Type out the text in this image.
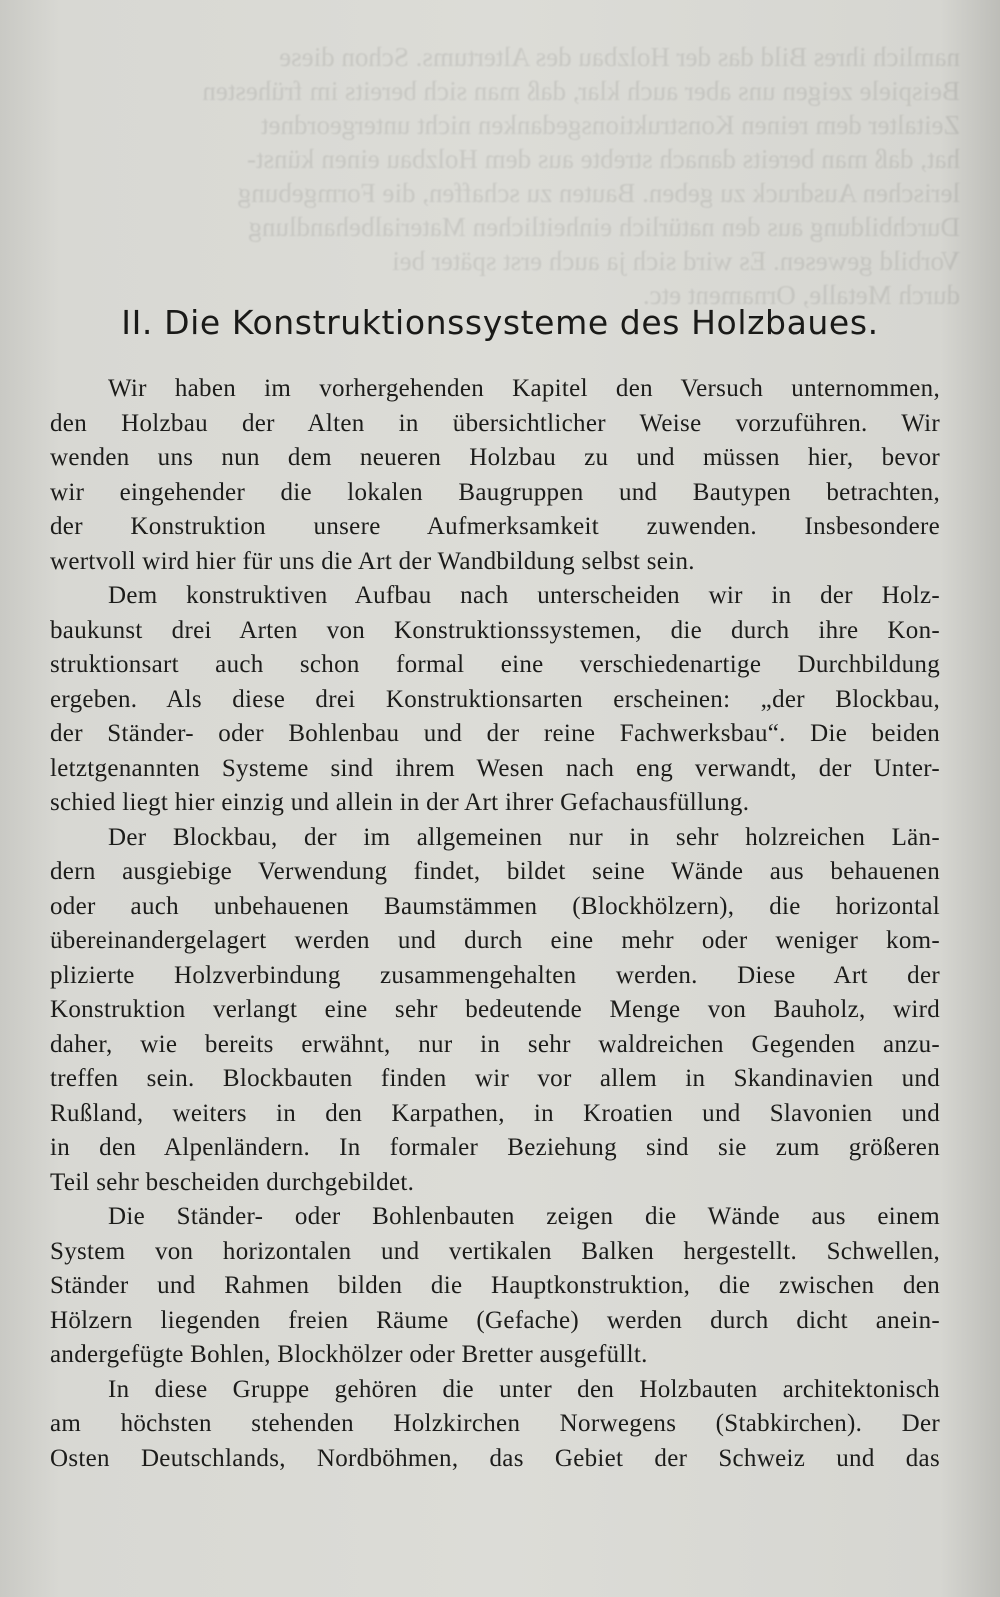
namlich ihres Bild das der Holzbau des Altertums. Schon diese

Beispiele zeigen uns aber auch klar, daß man sich bereits im frühesten

Zeitalter dem reinen Konstruktionsgedanken nicht untergeordnet

hat, daß man bereits danach strebte aus dem Holzbau einen künst-

lerischen Ausdruck zu geben. Bauten zu schaffen, die Formgebung

Durchbildung aus den natürlich einheitlichen Materialbehandlung

Vorbild gewesen. Es wird sich ja auch erst später bei

durch Metalle, Ornament etc.

II. Die Konstruktionssysteme des Holzbaues.
Wir haben im vorhergehenden Kapitel den Versuch unternommen,
den Holzbau der Alten in übersichtlicher Weise vorzuführen. Wir
wenden uns nun dem neueren Holzbau zu und müssen hier, bevor
wir eingehender die lokalen Baugruppen und Bautypen betrachten,
der Konstruktion unsere Aufmerksamkeit zuwenden. Insbesondere
wertvoll wird hier für uns die Art der Wandbildung selbst sein.
Dem konstruktiven Aufbau nach unterscheiden wir in der Holz-
baukunst drei Arten von Konstruktionssystemen, die durch ihre Kon-
struktionsart auch schon formal eine verschiedenartige Durchbildung
ergeben. Als diese drei Konstruktionsarten erscheinen: „der Blockbau,
der Ständer- oder Bohlenbau und der reine Fachwerksbau“. Die beiden
letztgenannten Systeme sind ihrem Wesen nach eng verwandt, der Unter-
schied liegt hier einzig und allein in der Art ihrer Gefachausfüllung.
Der Blockbau, der im allgemeinen nur in sehr holzreichen Län-
dern ausgiebige Verwendung findet, bildet seine Wände aus behauenen
oder auch unbehauenen Baumstämmen (Blockhölzern), die horizontal
übereinandergelagert werden und durch eine mehr oder weniger kom-
plizierte Holzverbindung zusammengehalten werden. Diese Art der
Konstruktion verlangt eine sehr bedeutende Menge von Bauholz, wird
daher, wie bereits erwähnt, nur in sehr waldreichen Gegenden anzu-
treffen sein. Blockbauten finden wir vor allem in Skandinavien und
Rußland, weiters in den Karpathen, in Kroatien und Slavonien und
in den Alpenländern. In formaler Beziehung sind sie zum größeren
Teil sehr bescheiden durchgebildet.
Die Ständer- oder Bohlenbauten zeigen die Wände aus einem
System von horizontalen und vertikalen Balken hergestellt. Schwellen,
Ständer und Rahmen bilden die Hauptkonstruktion, die zwischen den
Hölzern liegenden freien Räume (Gefache) werden durch dicht anein-
andergefügte Bohlen, Blockhölzer oder Bretter ausgefüllt.
In diese Gruppe gehören die unter den Holzbauten architektonisch
am höchsten stehenden Holzkirchen Norwegens (Stabkirchen). Der
Osten Deutschlands, Nordböhmen, das Gebiet der Schweiz und das
